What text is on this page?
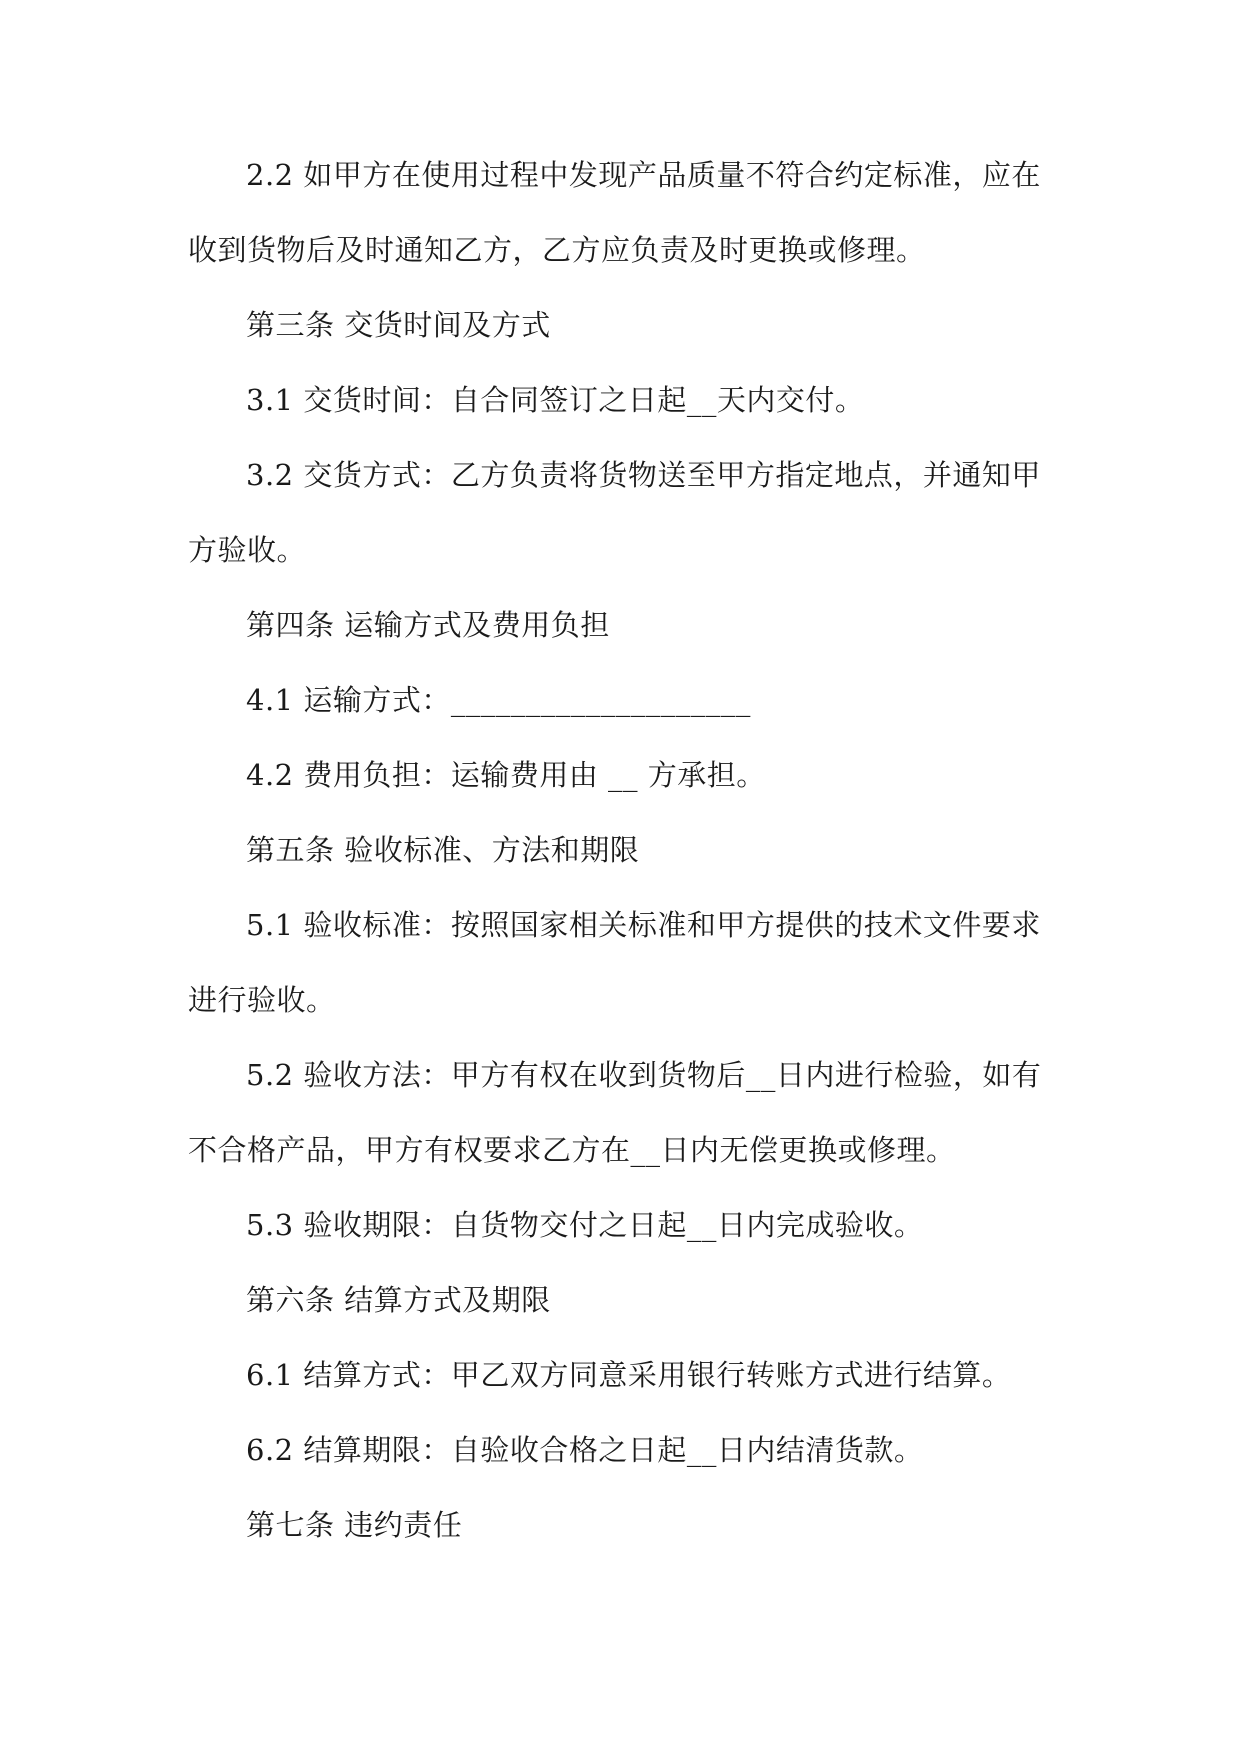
2.2 如甲方在使用过程中发现产品质量不符合约定标准，应在收到货物后及时通知乙方，乙方应负责及时更换或修理。

第三条 交货时间及方式

3.1 交货时间：自合同签订之日起__天内交付。

3.2 交货方式：乙方负责将货物送至甲方指定地点，并通知甲方验收。

第四条 运输方式及费用负担

4.1 运输方式：____________________

4.2 费用负担：运输费用由 __ 方承担。

第五条 验收标准、方法和期限

5.1 验收标准：按照国家相关标准和甲方提供的技术文件要求进行验收。

5.2 验收方法：甲方有权在收到货物后__日内进行检验，如有不合格产品，甲方有权要求乙方在__日内无偿更换或修理。

5.3 验收期限：自货物交付之日起__日内完成验收。

第六条 结算方式及期限

6.1 结算方式：甲乙双方同意采用银行转账方式进行结算。

6.2 结算期限：自验收合格之日起__日内结清货款。

第七条 违约责任
